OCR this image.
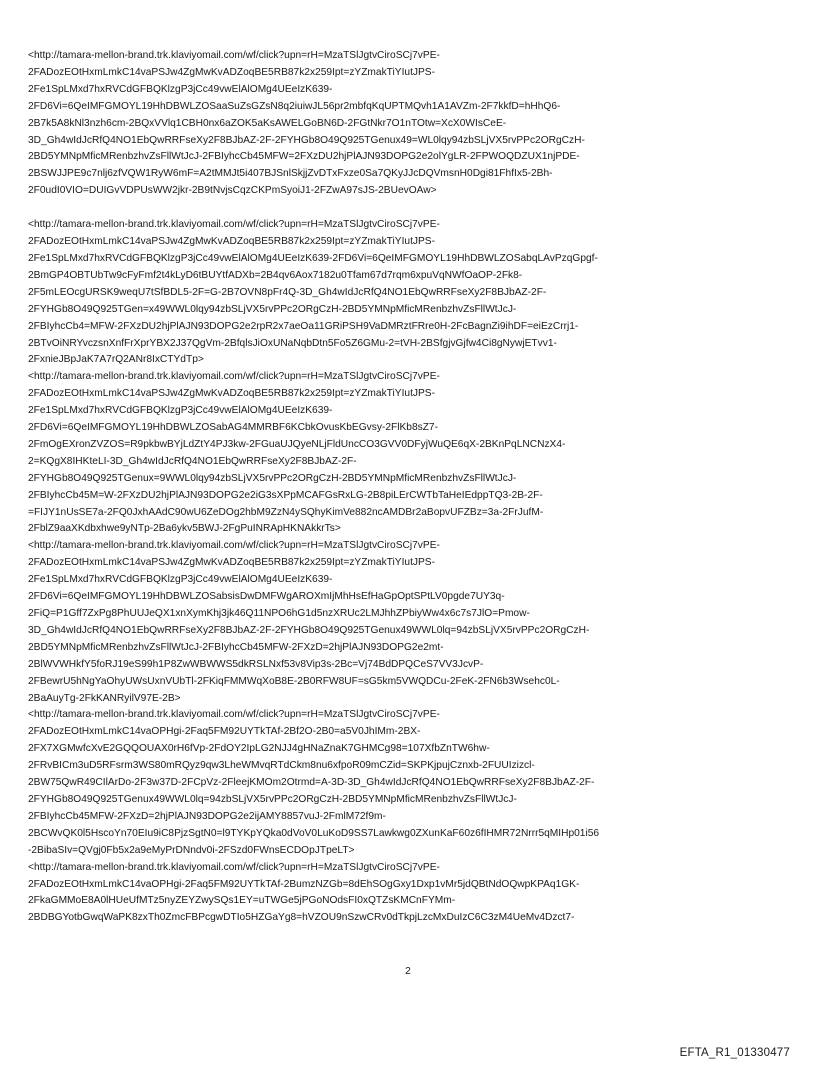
<http://tamara-mellon-brand.trk.klaviyomail.com/wf/click?upn=rH=MzaTSlJgtvCiroSCj7vPE-
2FADozEOtHxmLmkC14vaPSJw4ZgMwKvADZoqBE5RB87k2x259Ipt=zYZmakTiYIutJPS-
2Fe1SpLMxd7hxRVCdGFBQKlzgP3jCc49vwElAlOMg4UEeIzK639-
2FD6Vi=6QeIMFGMOYL19HhDBWLZOSaaSuZsGZsN8q2iuiwJL56pr2mbfqKqUPTMQvh1A1AVZm-2F7kkfD=hHhQ6-
2B7k5A8kNl3nzh6cm-2BQxVVlq1CBH0nx6aZOK5aKsAWELGoBN6D-2FGtNkr7O1nTOtw=XcX0WIsCeE-
3D_Gh4wIdJcRfQ4NO1EbQwRRFseXy2F8BJbAZ-2F-2FYHGb8O49Q925TGenux49=WL0lqy94zbSLjVX5rvPPc2ORgCzH-
2BD5YMNpMficMRenbzhvZsFllWtJcJ-2FBIyhcCb45MFW=2FXzDU2hjPlAJN93DOPG2e2olYgLR-2FPWOQDZUX1njPDE-
2BSWJJPE9c7nlj6zfVQW1RyW6mF=A2tMMJt5i407BJSnlSkjjZvDTxFxze0Sa7QKyJJcDQVmsnH0Dgi81FhfIx5-2Bh-
2F0udI0VIO=DUIGvVDPUsWW2jkr-2B9tNvjsCqzCKPmSyoiJ1-2FZwA97sJS-2BUevOAw>

<http://tamara-mellon-brand.trk.klaviyomail.com/wf/click?upn=rH=MzaTSlJgtvCiroSCj7vPE-
2FADozEOtHxmLmkC14vaPSJw4ZgMwKvADZoqBE5RB87k2x259Ipt=zYZmakTiYIutJPS-
2Fe1SpLMxd7hxRVCdGFBQKlzgP3jCc49vwElAlOMg4UEeIzK639-2FD6Vi=6QeIMFGMOYL19HhDBWLZOSabqLAvPzqGpgf-
2BmGP4OBTUbTw9cFyFmf2t4kLyD6tBUYtfADXb=2B4qv6Aox7182u0Tfam67d7rqm6xpuVqNWfOaOP-2Fk8-
2F5mLEOcgURSK9weqU7tSfBDL5-2F=G-2B7OVN8pFr4Q-3D_Gh4wIdJcRfQ4NO1EbQwRRFseXy2F8BJbAZ-2F-
2FYHGb8O49Q925TGen=x49WWL0lqy94zbSLjVX5rvPPc2ORgCzH-2BD5YMNpMficMRenbzhvZsFllWtJcJ-
2FBIyhcCb4=MFW-2FXzDU2hjPlAJN93DOPG2e2rpR2x7aeOa11GRiPSH9VaDMRztFRre0H-2FcBagnZi9ihDF=eiEzCrrj1-
2BTvOiNRYvczsnXnfFrXprYBX2J37QgVm-2BfqlsJiOxUNaNqbDtn5Fo5Z6GMu-2=tVH-2BSfgjvGjfw4Ci8gNywjETvv1-
2FxnieJBpJaK7A7rQ2ANr8IxCTYdTp>
<http://tamara-mellon-brand.trk.klaviyomail.com/wf/click?upn=rH=MzaTSlJgtvCiroSCj7vPE-
2FADozEOtHxmLmkC14vaPSJw4ZgMwKvADZoqBE5RB87k2x259Ipt=zYZmakTiYIutJPS-
2Fe1SpLMxd7hxRVCdGFBQKlzgP3jCc49vwElAlOMg4UEeIzK639-
2FD6Vi=6QeIMFGMOYL19HhDBWLZOSabAG4MMRBF6KCbkOvusKbEGvsy-2FlKb8sZ7-
2FmOgEXronZVZOS=R9pkbwBYjLdZtY4PJ3kw-2FGuaUJQyeNLjFldUncCO3GVV0DFyjWuQE6qX-2BKnPqLNCNzX4-
2=KQgX8IHKteLI-3D_Gh4wIdJcRfQ4NO1EbQwRRFseXy2F8BJbAZ-2F-
2FYHGb8O49Q925TGenux=9WWL0lqy94zbSLjVX5rvPPc2ORgCzH-2BD5YMNpMficMRenbzhvZsFllWtJcJ-
2FBIyhcCb45M=W-2FXzDU2hjPlAJN93DOPG2e2iG3sXPpMCAFGsRxLG-2B8piLErCWTbTaHeIEdppTQ3-2B-2F-
=FIJY1nUsSE7a-2FQ0JxhAAdC90wU6ZeDOg2hbM9ZzN4ySQhyKimVe882ncAMDBr2aBopvUFZBz=3a-2FrJufM-
2FblZ9aaXKdbxhwe9yNTp-2Ba6ykv5BWJ-2FgPuINRApHKNAkkrTs>
<http://tamara-mellon-brand.trk.klaviyomail.com/wf/click?upn=rH=MzaTSlJgtvCiroSCj7vPE-
2FADozEOtHxmLmkC14vaPSJw4ZgMwKvADZoqBE5RB87k2x259Ipt=zYZmakTiYIutJPS-
2Fe1SpLMxd7hxRVCdGFBQKlzgP3jCc49vwElAlOMg4UEeIzK639-
2FD6Vi=6QeIMFGMOYL19HhDBWLZOSabsisDwDMFWgAROXmIjMhHsEfHaGpOptSPtLV0pgde7UY3q-
2FiQ=P1Gff7ZxPg8PhUUJeQX1xnXymKhj3jk46Q11NPO6hG1d5nzXRUc2LMJhhZPbiyWw4x6c7s7JlO=Pmow-
3D_Gh4wIdJcRfQ4NO1EbQwRRFseXy2F8BJbAZ-2F-2FYHGb8O49Q925TGenux49WWL0lq=94zbSLjVX5rvPPc2ORgCzH-
2BD5YMNpMficMRenbzhvZsFllWtJcJ-2FBIyhcCb45MFW-2FXzD=2hjPlAJN93DOPG2e2mt-
2BlWVWHkfY5foRJ19eS99h1P8ZwWBWWS5dkRSLNxf53v8Vip3s-2Bc=Vj74BdDPQCeS7VV3JcvP-
2FBewrU5hNgYaOhyUWsUxnVUbTl-2FKiqFMMWqXoB8E-2B0RFW8UF=sG5km5VWQDCu-2FeK-2FN6b3Wsehc0L-
2BaAuyTg-2FkKANRyilV97E-2B>
<http://tamara-mellon-brand.trk.klaviyomail.com/wf/click?upn=rH=MzaTSlJgtvCiroSCj7vPE-
2FADozEOtHxmLmkC14vaOPHgi-2Faq5FM92UYTkTAf-2Bf2O-2B0=a5V0JhIMm-2BX-
2FX7XGMwfcXvE2GQQOUAX0rH6fVp-2FdOY2IpLG2NJJ4gHNaZnaK7GHMCg98=107XfbZnTW6hw-
2FRvBICm3uD5RFsrm3WS80mRQyz9qw3LheWMvqRTdCkm8nu6xfpoR09mCZid=SKPKjpujCznxb-2FUUIzizcl-
2BW75QwR49CIlArDo-2F3w37D-2FCpVz-2FleejKMOm2Otrmd=A-3D-3D_Gh4wIdJcRfQ4NO1EbQwRRFseXy2F8BJbAZ-2F-
2FYHGb8O49Q925TGenux49WWL0lq=94zbSLjVX5rvPPc2ORgCzH-2BD5YMNpMficMRenbzhvZsFllWtJcJ-
2FBIyhcCb45MFW-2FXzD=2hjPlAJN93DOPG2e2ijAMY8857vuJ-2FmlM72f9m-
2BCWvQK0l5HscoYn70EIu9iC8PjzSgtN0=l9TYKpYQka0dVoV0LuKoD9SS7Lawkwg0ZXunKaF60z6fIHMR72Nrrr5qMIHp01i56
-2BibaSIv=QVgj0Fb5x2a9eMyPrDNndv0i-2FSzd0FWnsECDOpJTpeLT>
<http://tamara-mellon-brand.trk.klaviyomail.com/wf/click?upn=rH=MzaTSlJgtvCiroSCj7vPE-
2FADozEOtHxmLmkC14vaOPHgi-2Faq5FM92UYTkTAf-2BumzNZGb=8dEhSOgGxy1Dxp1vMr5jdQBtNdOQwpKPAq1GK-
2FkaGMMoE8A0lHUeUfMTz5nyZEYZwySQs1EY=uTWGe5jPGoNOdsFI0xQTZsKMCnFYMm-
2BDBGYotbGwqWaPK8zxTh0ZmcFBPcgwDTIo5HZGaYg8=hVZOU9nSzwCRv0dTkpjLzcMxDuIzC6C3zM4UeMv4Dzct7-

2
EFTA_R1_01330477
